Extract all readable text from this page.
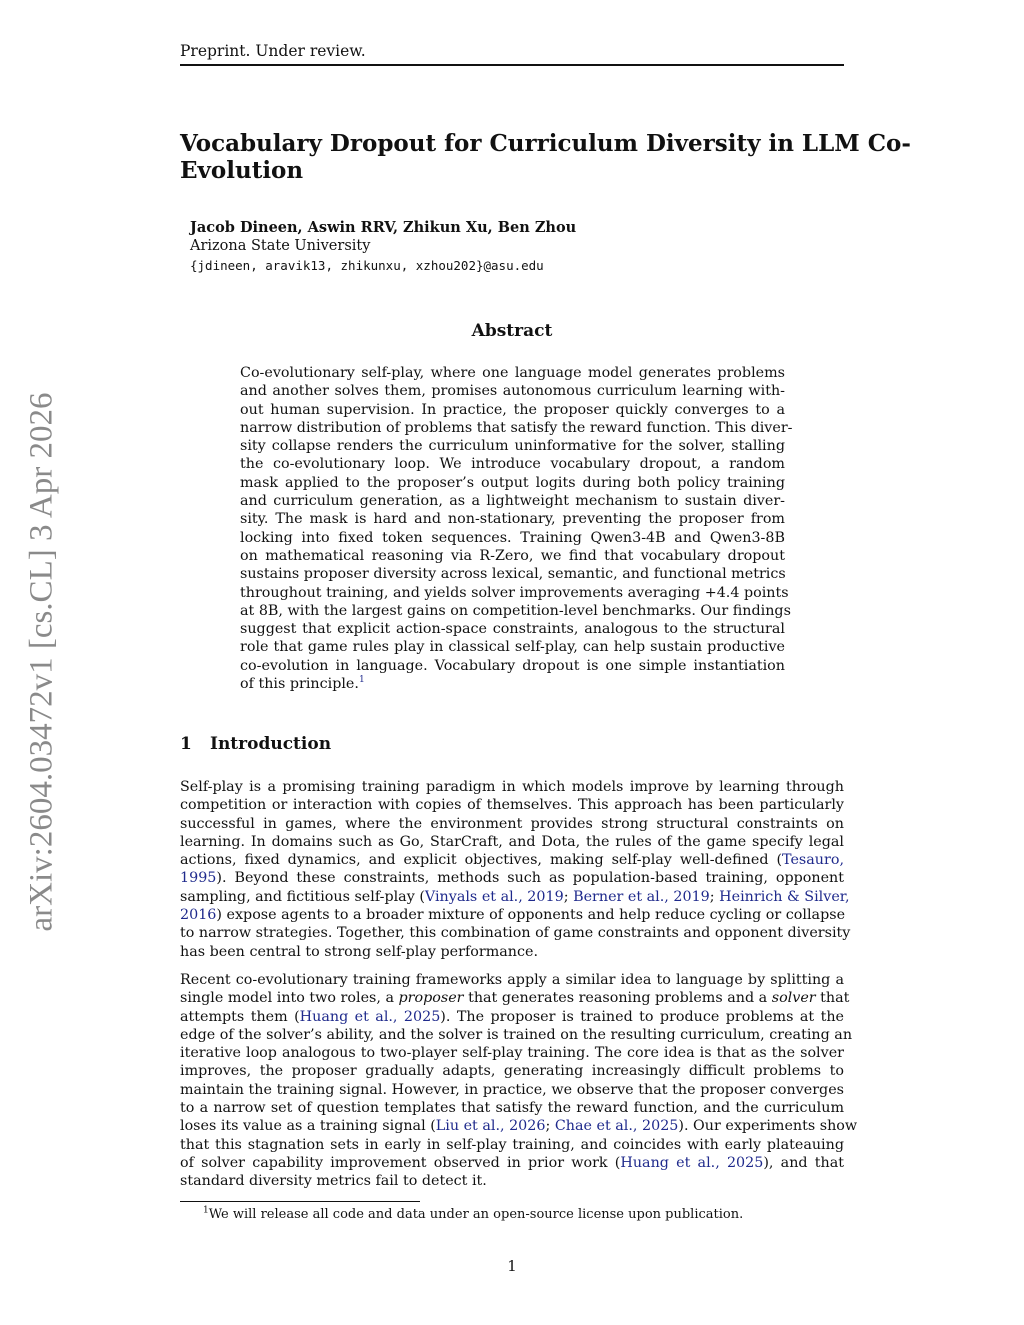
Preprint. Under review.
Vocabulary Dropout for Curriculum Diversity in LLM Co-
Evolution
Jacob Dineen, Aswin RRV, Zhikun Xu, Ben Zhou
Arizona State University
{jdineen, aravik13, zhikunxu, xzhou202}@asu.edu
Abstract
Co-evolutionary self-play, where one language model generates problems
and another solves them, promises autonomous curriculum learning with-
out human supervision. In practice, the proposer quickly converges to a
narrow distribution of problems that satisfy the reward function. This diver-
sity collapse renders the curriculum uninformative for the solver, stalling
the co-evolutionary loop. We introduce vocabulary dropout, a random
mask applied to the proposer’s output logits during both policy training
and curriculum generation, as a lightweight mechanism to sustain diver-
sity. The mask is hard and non-stationary, preventing the proposer from
locking into fixed token sequences. Training Qwen3-4B and Qwen3-8B
on mathematical reasoning via R-Zero, we find that vocabulary dropout
sustains proposer diversity across lexical, semantic, and functional metrics
throughout training, and yields solver improvements averaging +4.4 points
at 8B, with the largest gains on competition-level benchmarks. Our findings
suggest that explicit action-space constraints, analogous to the structural
role that game rules play in classical self-play, can help sustain productive
co-evolution in language. Vocabulary dropout is one simple instantiation
of this principle.$^1$
1 Introduction
Self-play is a promising training paradigm in which models improve by learning through
competition or interaction with copies of themselves. This approach has been particularly
successful in games, where the environment provides strong structural constraints on
learning. In domains such as Go, StarCraft, and Dota, the rules of the game specify legal
actions, fixed dynamics, and explicit objectives, making self-play well-defined (Tesauro,
1995). Beyond these constraints, methods such as population-based training, opponent
sampling, and fictitious self-play (Vinyals et al., 2019; Berner et al., 2019; Heinrich & Silver,
2016) expose agents to a broader mixture of opponents and help reduce cycling or collapse
to narrow strategies. Together, this combination of game constraints and opponent diversity
has been central to strong self-play performance.
Recent co-evolutionary training frameworks apply a similar idea to language by splitting a
single model into two roles, a proposer that generates reasoning problems and a solver that
attempts them (Huang et al., 2025). The proposer is trained to produce problems at the
edge of the solver’s ability, and the solver is trained on the resulting curriculum, creating an
iterative loop analogous to two-player self-play training. The core idea is that as the solver
improves, the proposer gradually adapts, generating increasingly difficult problems to
maintain the training signal. However, in practice, we observe that the proposer converges
to a narrow set of question templates that satisfy the reward function, and the curriculum
loses its value as a training signal (Liu et al., 2026; Chae et al., 2025). Our experiments show
that this stagnation sets in early in self-play training, and coincides with early plateauing
of solver capability improvement observed in prior work (Huang et al., 2025), and that
standard diversity metrics fail to detect it.
$^1$We will release all code and data under an open-source license upon publication.
1
arXiv:2604.03472v1 [cs.CL] 3 Apr 2026
